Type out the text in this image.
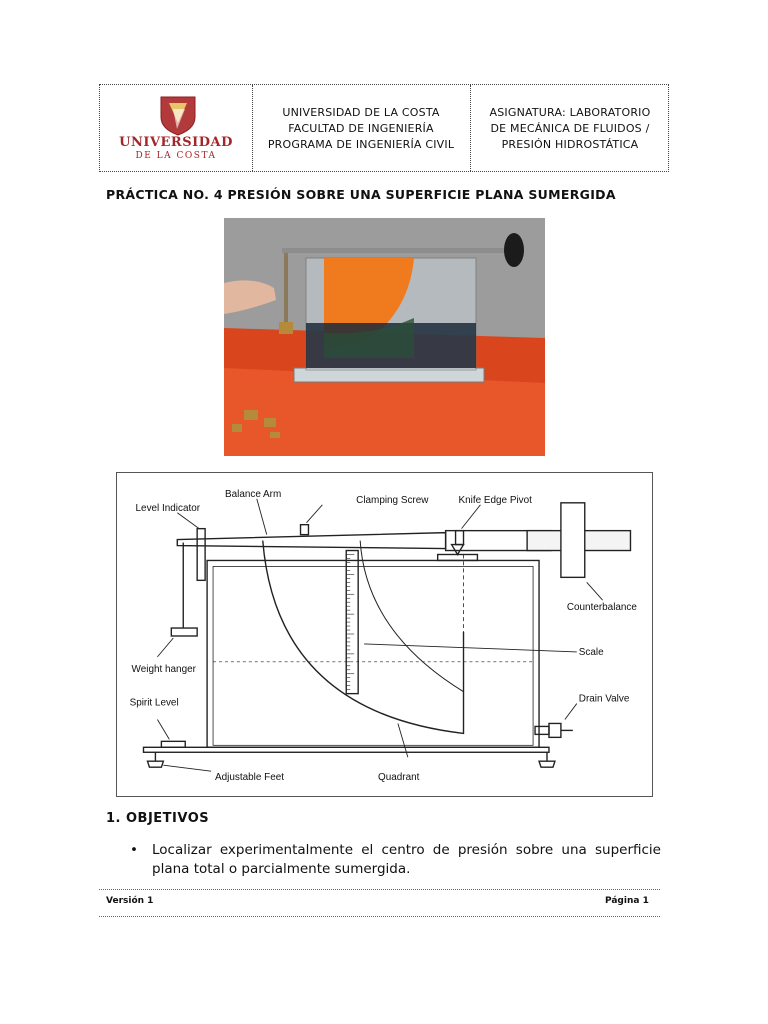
UNIVERSIDAD
DE LA COSTA
UNIVERSIDAD DE LA COSTA
FACULTAD DE INGENIERÍA
PROGRAMA DE INGENIERÍA CIVIL
ASIGNATURA: LABORATORIO
DE MECÁNICA DE FLUIDOS /
PRESIÓN HIDROSTÁTICA
PRÁCTICA NO. 4 PRESIÓN SOBRE UNA SUPERFICIE PLANA SUMERGIDA
Level Indicator
Balance Arm
Clamping Screw	Knife Edge Pivot
Counterbalance
Scale
Weight hanger
Drain Valve
Spirit Level
Adjustable Feet	Quadrant
1. OBJETIVOS
• Localizar experimentalmente el centro de presión sobre una superficie plana total o parcialmente sumergida.
Versión 1	Página 1
